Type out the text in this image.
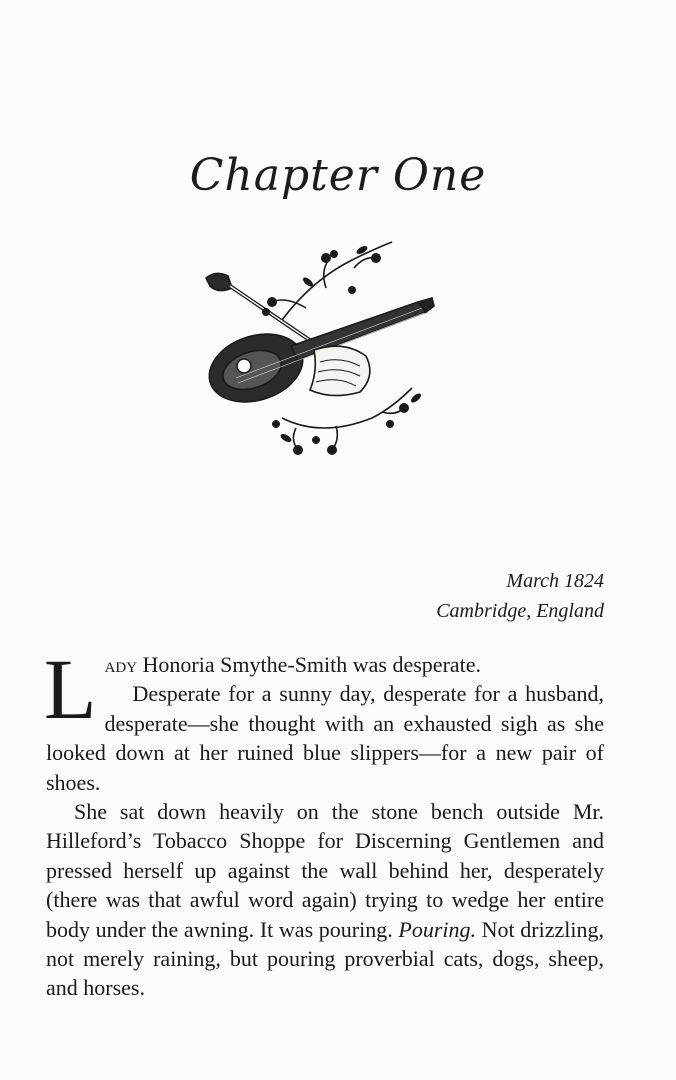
Chapter One
March 1824
Cambridge, England

Lady Honoria Smythe-Smith was desperate.

Desperate for a sunny day, desperate for a husband, desperate—she thought with an exhausted sigh as she looked down at her ruined blue slippers—for a new pair of shoes.

She sat down heavily on the stone bench outside Mr. Hilleford’s Tobacco Shoppe for Discerning Gentlemen and pressed herself up against the wall behind her, desperately (there was that awful word again) trying to wedge her entire body under the awning. It was pouring. Pouring. Not drizzling, not merely raining, but pouring proverbial cats, dogs, sheep, and horses.
